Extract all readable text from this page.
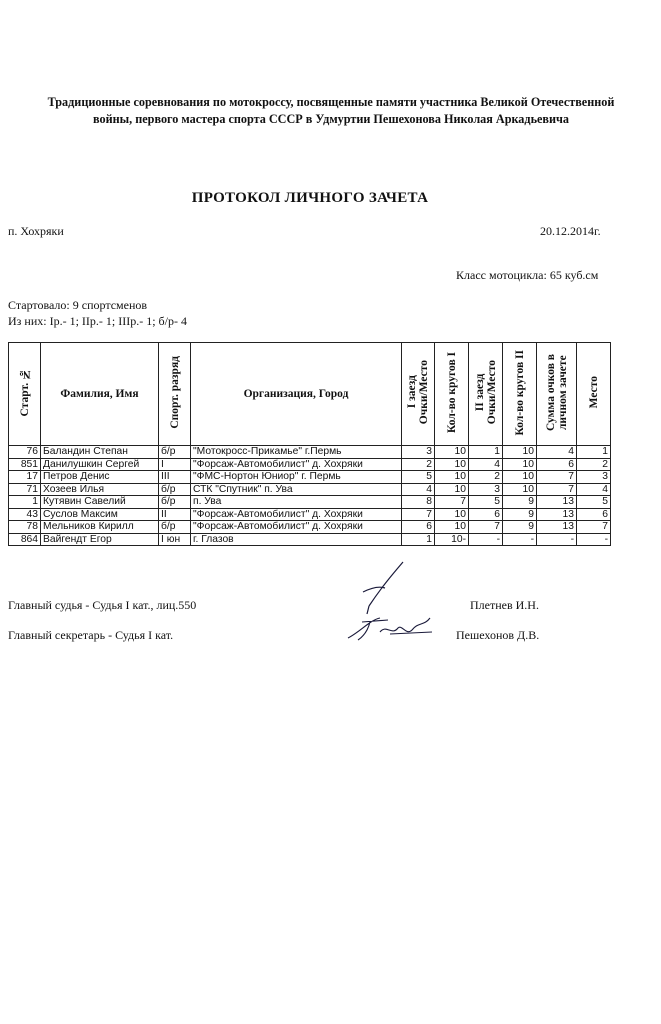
Традиционные соревнования по мотокроссу, посвященные памяти участника Великой Отечественной
войны, первого мастера спорта СССР в Удмуртии Пешехонова Николая Аркадьевича
ПРОТОКОЛ ЛИЧНОГО ЗАЧЕТА
п. Хохряки	20.12.2014г.
Класс мотоцикла: 65 куб.см
Стартовало: 9 спортсменов
Из них: Iр.- 1; IIр.- 1; IIIр.- 1; б/р- 4
Старт. №	Фамилия, Имя	Спорт. разряд	Организация, Город	I заезд
Очки/Место	Кол-во кругов I	II заезд
Очки/Место	Кол-во кругов II	Сумма очков в
личном зачете	Место
76	Баландин Степан	б/р	"Мотокросс-Прикамье" г.Пермь	3	10	1	10	4	1
851	Данилушкин Сергей	I	"Форсаж-Автомобилист" д. Хохряки	2	10	4	10	6	2
17	Петров Денис	III	"ФМС-Нортон Юниор" г. Пермь	5	10	2	10	7	3
71	Хозеев Илья	б/р	СТК "Спутник" п. Ува	4	10	3	10	7	4
1	Кутявин Савелий	б/р	п. Ува	8	7	5	9	13	5
43	Суслов Максим	II	"Форсаж-Автомобилист" д. Хохряки	7	10	6	9	13	6
78	Мельников Кирилл	б/р	"Форсаж-Автомобилист" д. Хохряки	6	10	7	9	13	7
864	Вайгендт Егор	I юн	г. Глазов	1	10-	-	-	-	-
Главный судья - Судья I кат., лиц.550	Плетнев И.Н.
Главный секретарь - Судья I кат.	Пешехонов Д.В.
